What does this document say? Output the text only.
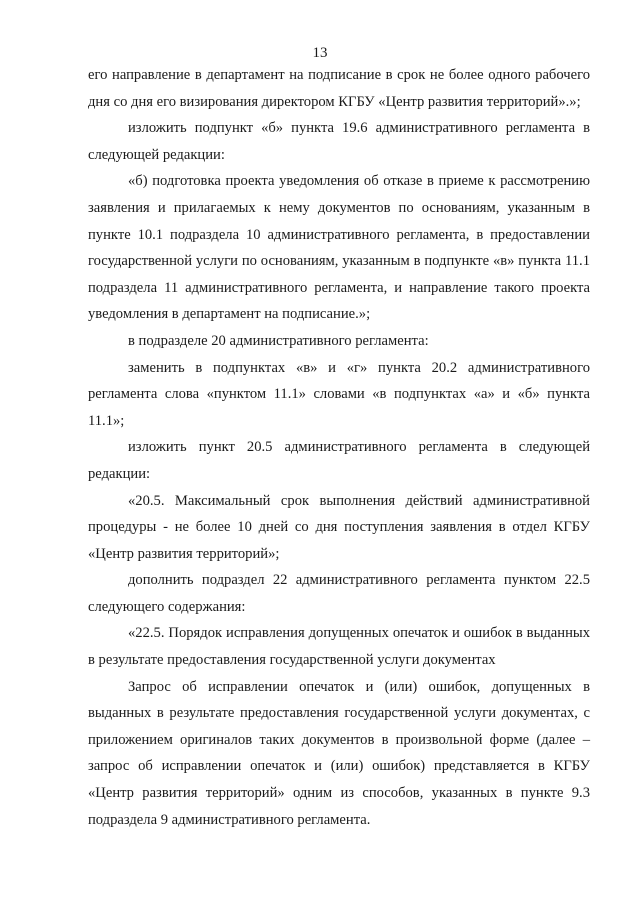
13

его направление в департамент на подписание в срок не более одного рабочего дня со дня его визирования директором КГБУ «Центр развития территорий».»;

изложить подпункт «б» пункта 19.6 административного регламента в следующей редакции:

«б) подготовка проекта уведомления об отказе в приеме к рассмотрению заявления и прилагаемых к нему документов по основаниям, указанным в пункте 10.1 подраздела 10 административного регламента, в предоставлении государственной услуги по основаниям, указанным в подпункте «в» пункта 11.1 подраздела 11 административного регламента, и направление такого проекта уведомления в департамент на подписание.»;

в подразделе 20 административного регламента:

заменить в подпунктах «в» и «г» пункта 20.2 административного регламента слова «пунктом 11.1» словами «в подпунктах «а» и «б» пункта 11.1»;

изложить пункт 20.5 административного регламента в следующей редакции:

«20.5. Максимальный срок выполнения действий административной процедуры - не более 10 дней со дня поступления заявления в отдел КГБУ «Центр развития территорий»;

дополнить подраздел 22 административного регламента пунктом 22.5 следующего содержания:

«22.5. Порядок исправления допущенных опечаток и ошибок в выданных в результате предоставления государственной услуги документах

Запрос об исправлении опечаток и (или) ошибок, допущенных в выданных в результате предоставления государственной услуги документах, с приложением оригиналов таких документов в произвольной форме (далее – запрос об исправлении опечаток и (или) ошибок) представляется в КГБУ «Центр развития территорий» одним из способов, указанных в пункте 9.3 подраздела 9 административного регламента.
